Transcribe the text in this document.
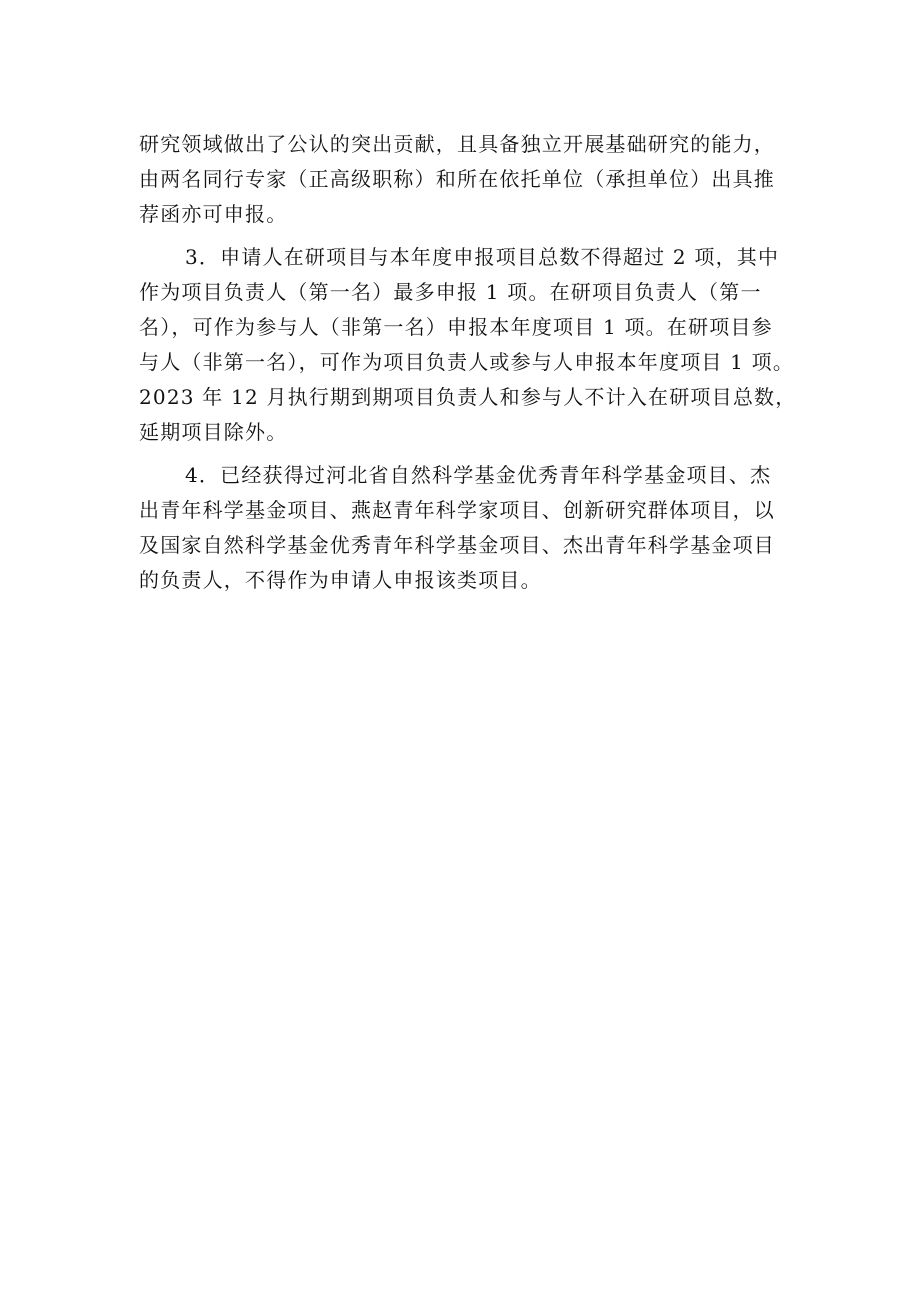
研究领域做出了公认的突出贡献，且具备独立开展基础研究的能力，
由两名同行专家（正高级职称）和所在依托单位（承担单位）出具推
荐函亦可申报。
3．申请人在研项目与本年度申报项目总数不得超过 2 项，其中
作为项目负责人（第一名）最多申报 1 项。在研项目负责人（第一
名），可作为参与人（非第一名）申报本年度项目 1 项。在研项目参
与人（非第一名），可作为项目负责人或参与人申报本年度项目 1 项。
2023 年 12 月执行期到期项目负责人和参与人不计入在研项目总数，
延期项目除外。
4．已经获得过河北省自然科学基金优秀青年科学基金项目、杰
出青年科学基金项目、燕赵青年科学家项目、创新研究群体项目，以
及国家自然科学基金优秀青年科学基金项目、杰出青年科学基金项目
的负责人，不得作为申请人申报该类项目。
